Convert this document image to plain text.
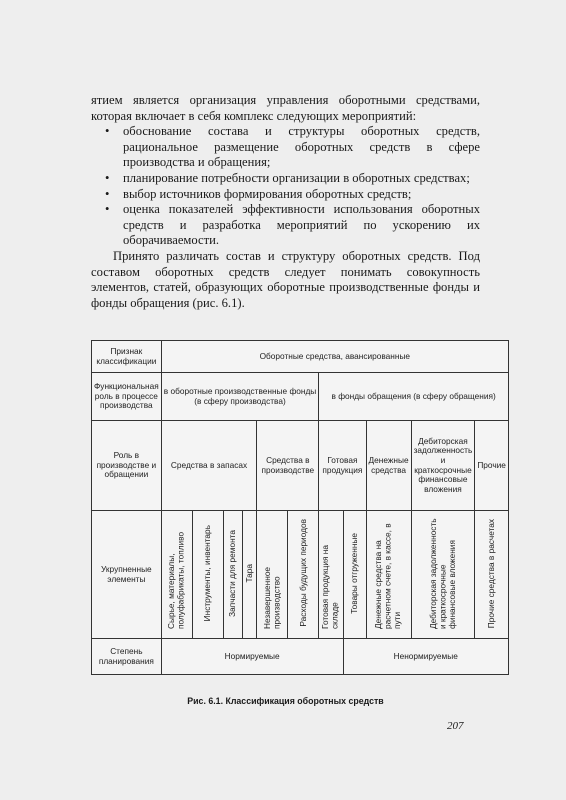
ятием является организация управления оборотными средствами, которая включает в себя комплекс следующих мероприятий:

• обоснование состава и структуры оборотных средств, рациональное размещение оборотных средств в сфере производства и обращения;
• планирование потребности организации в оборотных средствах;
• выбор источников формирования оборотных средств;
• оценка показателей эффективности использования оборотных средств и разработка мероприятий по ускорению их оборачиваемости.

Принято различать состав и структуру оборотных средств. Под составом оборотных средств следует понимать совокупность элементов, статей, образующих оборотные производственные фонды и фонды обращения (рис. 6.1).

Признак классификации	Оборотные средства, авансированные										
Функциональная роль в процессе производства	в оборотные производственные фонды (в сферу производства)						в фонды обращения (в сферу обращения)				
Роль в производстве и обращении	Средства в запасах				Средства в производстве		Готовая продукция		Денежные средства	Дебиторская задолженность и краткосрочные финансовые вложения	Прочие
Укрупненные элементы	Сырье, материалы, полуфабрикаты, топливо	Инструменты, инвентарь	Запчасти для ремонта	Тара	Незавершенное производство	Расходы будущих периодов	Готовая продукция на складе	Товары отгруженные	Денежные средства на расчетном счете, в кассе, в пути	Дебиторская задолженность и краткосрочные финансовые вложения	Прочие средства в расчетах
Степень планирования	Нормируемые							Ненормируемые			
Рис. 6.1. Классификация оборотных средств
207
